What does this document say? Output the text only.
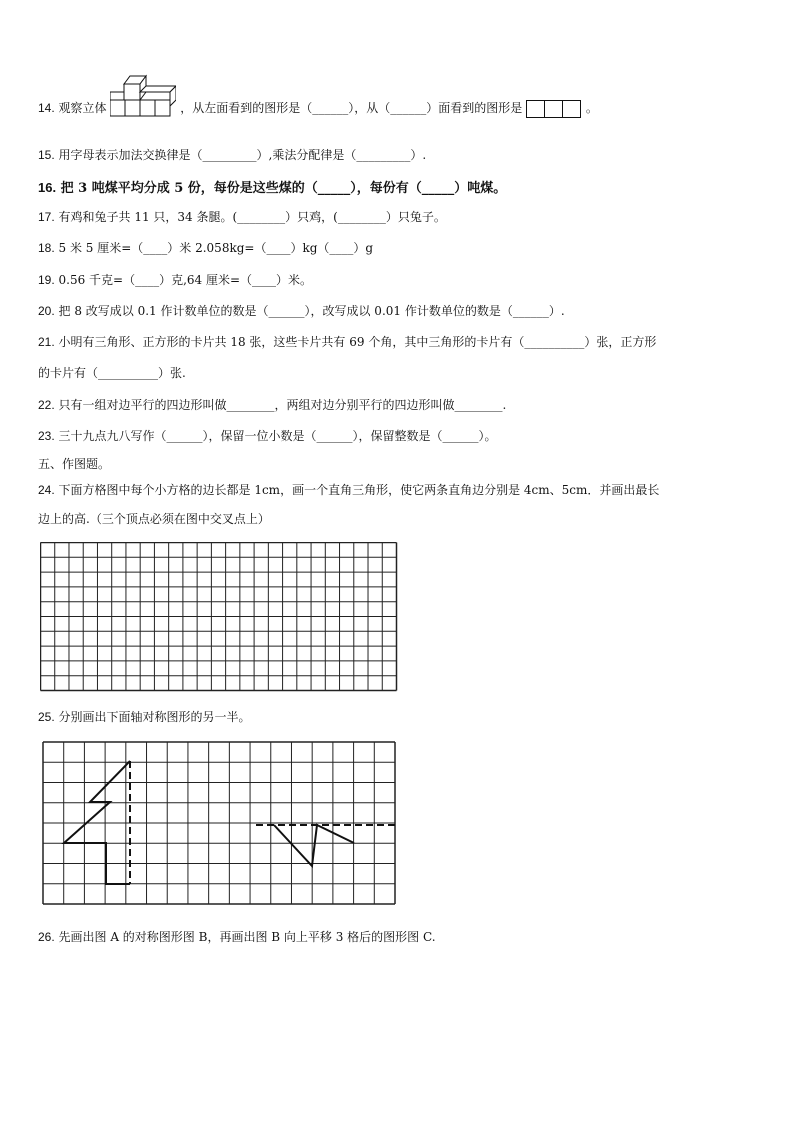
14. 观察立体	，从左面看到的图形是（______），从（______）面看到的图形是	。
15. 用字母表示加法交换律是（_________）,乘法分配律是（_________）.
16. 把 3 吨煤平均分成 5 份，每份是这些煤的（_____），每份有（_____）吨煤。
17. 有鸡和兔子共 11 只，34 条腿。(________）只鸡，(________）只兔子。
18. 5 米 5 厘米=（____）米 2.058kg=（____）kg（____）g
19. 0.56 千克=（____）克,64 厘米=（____）米。
20. 把 8 改写成以 0.1 作计数单位的数是（______），改写成以 0.01 作计数单位的数是（______）.
21. 小明有三角形、正方形的卡片共 18 张，这些卡片共有 69 个角，其中三角形的卡片有（__________）张，正方形
的卡片有（__________）张.
22. 只有一组对边平行的四边形叫做________，两组对边分别平行的四边形叫做________.
23. 三十九点九八写作（______），保留一位小数是（______），保留整数是（______）。
五、作图题。
24. 下面方格图中每个小方格的边长都是 1cm，画一个直角三角形，使它两条直角边分别是 4cm、5cm．并画出最长
边上的高.（三个顶点必须在图中交叉点上）
25. 分别画出下面轴对称图形的另一半。
26. 先画出图 A 的对称图形图 B，再画出图 B 向上平移 3 格后的图形图 C.
